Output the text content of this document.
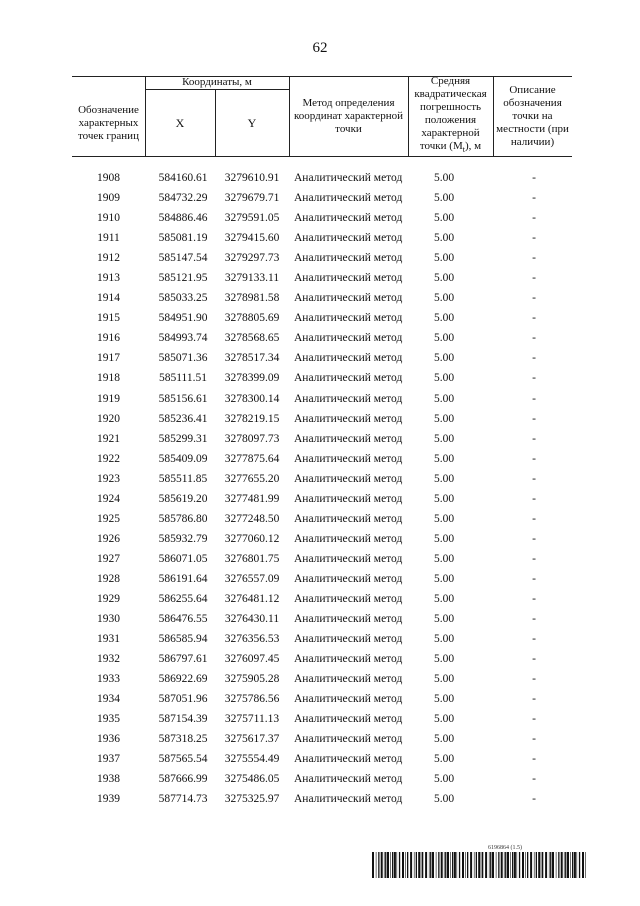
62
Обозначение характерных точек границ
Координаты, м
X	Y
Метод определения координат характерной точки
Средняя квадратическая погрешность положения характерной
точки $(M_t)$, м
Описание обозначения точки на местности (при наличии)
1908	584160.61	3279610.91	Аналитический метод	5.00	-
1909	584732.29	3279679.71	Аналитический метод	5.00	-
1910	584886.46	3279591.05	Аналитический метод	5.00	-
1911	585081.19	3279415.60	Аналитический метод	5.00	-
1912	585147.54	3279297.73	Аналитический метод	5.00	-
1913	585121.95	3279133.11	Аналитический метод	5.00	-
1914	585033.25	3278981.58	Аналитический метод	5.00	-
1915	584951.90	3278805.69	Аналитический метод	5.00	-
1916	584993.74	3278568.65	Аналитический метод	5.00	-
1917	585071.36	3278517.34	Аналитический метод	5.00	-
1918	585111.51	3278399.09	Аналитический метод	5.00	-
1919	585156.61	3278300.14	Аналитический метод	5.00	-
1920	585236.41	3278219.15	Аналитический метод	5.00	-
1921	585299.31	3278097.73	Аналитический метод	5.00	-
1922	585409.09	3277875.64	Аналитический метод	5.00	-
1923	585511.85	3277655.20	Аналитический метод	5.00	-
1924	585619.20	3277481.99	Аналитический метод	5.00	-
1925	585786.80	3277248.50	Аналитический метод	5.00	-
1926	585932.79	3277060.12	Аналитический метод	5.00	-
1927	586071.05	3276801.75	Аналитический метод	5.00	-
1928	586191.64	3276557.09	Аналитический метод	5.00	-
1929	586255.64	3276481.12	Аналитический метод	5.00	-
1930	586476.55	3276430.11	Аналитический метод	5.00	-
1931	586585.94	3276356.53	Аналитический метод	5.00	-
1932	586797.61	3276097.45	Аналитический метод	5.00	-
1933	586922.69	3275905.28	Аналитический метод	5.00	-
1934	587051.96	3275786.56	Аналитический метод	5.00	-
1935	587154.39	3275711.13	Аналитический метод	5.00	-
1936	587318.25	3275617.37	Аналитический метод	5.00	-
1937	587565.54	3275554.49	Аналитический метод	5.00	-
1938	587666.99	3275486.05	Аналитический метод	5.00	-
1939	587714.73	3275325.97	Аналитический метод	5.00	-
6196864 (1.5)
